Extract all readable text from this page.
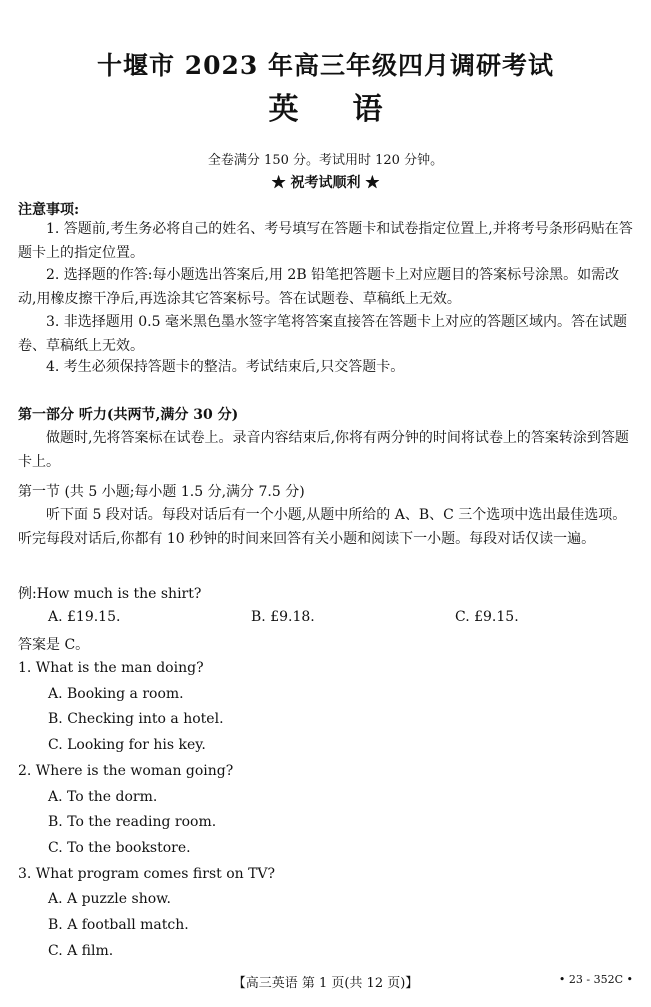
十堰市 2023 年高三年级四月调研考试
英语
全卷满分 150 分。考试用时 120 分钟。
★ 祝考试顺利 ★
注意事项:
1. 答题前,考生务必将自己的姓名、考号填写在答题卡和试卷指定位置上,并将考号条形码贴在答题卡上的指定位置。
2. 选择题的作答:每小题选出答案后,用 2B 铅笔把答题卡上对应题目的答案标号涂黑。如需改动,用橡皮擦干净后,再选涂其它答案标号。答在试题卷、草稿纸上无效。
3. 非选择题用 0.5 毫米黑色墨水签字笔将答案直接答在答题卡上对应的答题区域内。答在试题卷、草稿纸上无效。
4. 考生必须保持答题卡的整洁。考试结束后,只交答题卡。
第一部分 听力(共两节,满分 30 分)
做题时,先将答案标在试卷上。录音内容结束后,你将有两分钟的时间将试卷上的答案转涂到答题卡上。
第一节 (共 5 小题;每小题 1.5 分,满分 7.5 分)
听下面 5 段对话。每段对话后有一个小题,从题中所给的 A、B、C 三个选项中选出最佳选项。听完每段对话后,你都有 10 秒钟的时间来回答有关小题和阅读下一小题。每段对话仅读一遍。
例:How much is the shirt?
A. £19.15.	B. £9.18.	C. £9.15.
答案是 C。
1. What is the man doing?
A. Booking a room.
B. Checking into a hotel.
C. Looking for his key.
2. Where is the woman going?
A. To the dorm.
B. To the reading room.
C. To the bookstore.
3. What program comes first on TV?
A. A puzzle show.
B. A football match.
C. A film.
【高三英语 第 1 页(共 12 页)】	• 23 - 352C •
